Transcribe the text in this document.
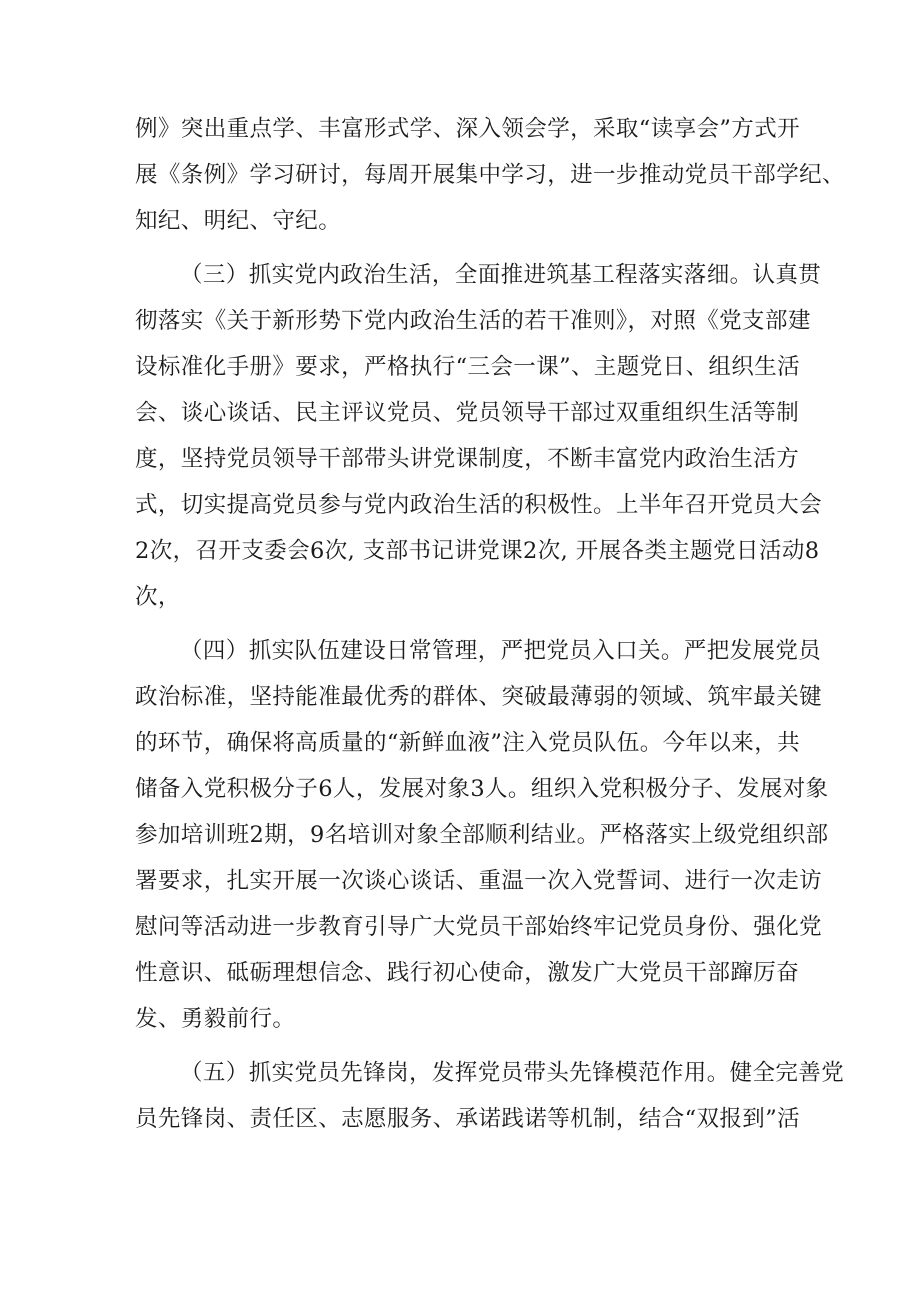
例》突出重点学、丰富形式学、深入领会学，采取“读享会”方式开
展《条例》学习研讨，每周开展集中学习，进一步推动党员干部学纪、
知纪、明纪、守纪。
（三）抓实党内政治生活，全面推进筑基工程落实落细。认真贯
彻落实《关于新形势下党内政治生活的若干准则》，对照《党支部建
设标准化手册》要求，严格执行“三会一课”、主题党日、组织生活
会、谈心谈话、民主评议党员、党员领导干部过双重组织生活等制
度，坚持党员领导干部带头讲党课制度，不断丰富党内政治生活方
式，切实提高党员参与党内政治生活的积极性。上半年召开党员大会
2次，召开支委会6次, 支部书记讲党课2次, 开展各类主题党日活动8
次，
（四）抓实队伍建设日常管理，严把党员入口关。严把发展党员
政治标准，坚持能准最优秀的群体、突破最薄弱的领域、筑牢最关键
的环节，确保将高质量的“新鲜血液”注入党员队伍。今年以来，共
储备入党积极分子6人，发展对象3人。组织入党积极分子、发展对象
参加培训班2期，9名培训对象全部顺利结业。严格落实上级党组织部
署要求，扎实开展一次谈心谈话、重温一次入党誓词、进行一次走访
慰问等活动进一步教育引导广大党员干部始终牢记党员身份、强化党
性意识、砥砺理想信念、践行初心使命，激发广大党员干部蹿厉奋
发、勇毅前行。
（五）抓实党员先锋岗，发挥党员带头先锋模范作用。健全完善党
员先锋岗、责任区、志愿服务、承诺践诺等机制，结合“双报到”活
